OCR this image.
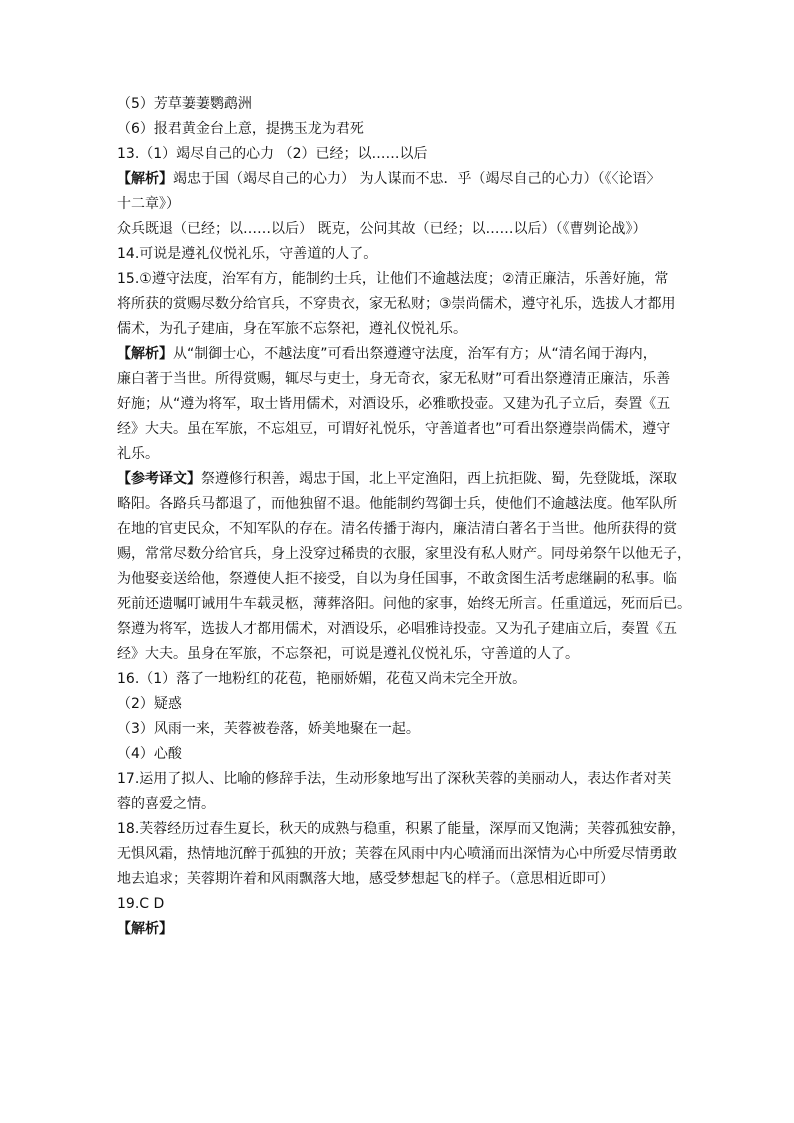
（5）芳草萋萋鹦鹉洲
（6）报君黄金台上意，提携玉龙为君死
13.（1）竭尽自己的心力 （2）已经；以……以后
【解析】竭忠于国（竭尽自己的心力） 为人谋而不忠．乎（竭尽自己的心力）（《〈论语〉
十二章》）
众兵既退（已经；以……以后） 既克，公问其故（已经；以……以后）（《曹刿论战》）
14.可说是遵礼仪悦礼乐，守善道的人了。
15.①遵守法度，治军有方，能制约士兵，让他们不逾越法度；②清正廉洁，乐善好施，常
将所获的赏赐尽数分给官兵，不穿贵衣，家无私财；③崇尚儒术，遵守礼乐，选拔人才都用
儒术，为孔子建庙，身在军旅不忘祭祀，遵礼仪悦礼乐。
【解析】从“制御士心，不越法度”可看出祭遵遵守法度，治军有方；从“清名闻于海内，
廉白著于当世。所得赏赐，辄尽与吏士，身无奇衣，家无私财”可看出祭遵清正廉洁，乐善
好施；从“遵为将军，取士皆用儒术，对酒设乐，必雅歌投壶。又建为孔子立后，奏置《五
经》大夫。虽在军旅，不忘俎豆，可谓好礼悦乐，守善道者也”可看出祭遵崇尚儒术，遵守
礼乐。
【参考译文】祭遵修行积善，竭忠于国，北上平定渔阳，西上抗拒陇、蜀，先登陇坻，深取
略阳。各路兵马都退了，而他独留不退。他能制约驾御士兵，使他们不逾越法度。他军队所
在地的官吏民众，不知军队的存在。清名传播于海内，廉洁清白著名于当世。他所获得的赏
赐，常常尽数分给官兵，身上没穿过稀贵的衣服，家里没有私人财产。同母弟祭午以他无子，
为他娶妾送给他，祭遵使人拒不接受，自以为身任国事，不敢贪图生活考虑继嗣的私事。临
死前还遗嘱叮诫用牛车载灵柩，薄葬洛阳。问他的家事，始终无所言。任重道远，死而后已。
祭遵为将军，选拔人才都用儒术，对酒设乐，必唱雅诗投壶。又为孔子建庙立后，奏置《五
经》大夫。虽身在军旅，不忘祭祀，可说是遵礼仪悦礼乐，守善道的人了。
16.（1）落了一地粉红的花苞，艳丽娇媚，花苞又尚未完全开放。
（2）疑惑
（3）风雨一来，芙蓉被卷落，娇美地聚在一起。
（4）心酸
17.运用了拟人、比喻的修辞手法，生动形象地写出了深秋芙蓉的美丽动人，表达作者对芙
蓉的喜爱之情。
18.芙蓉经历过春生夏长，秋天的成熟与稳重，积累了能量，深厚而又饱满；芙蓉孤独安静，
无惧风霜，热情地沉醉于孤独的开放；芙蓉在风雨中内心喷涌而出深情为心中所爱尽情勇敢
地去追求；芙蓉期许着和风雨飘落大地，感受梦想起飞的样子。（意思相近即可）
19.C D
【解析】
